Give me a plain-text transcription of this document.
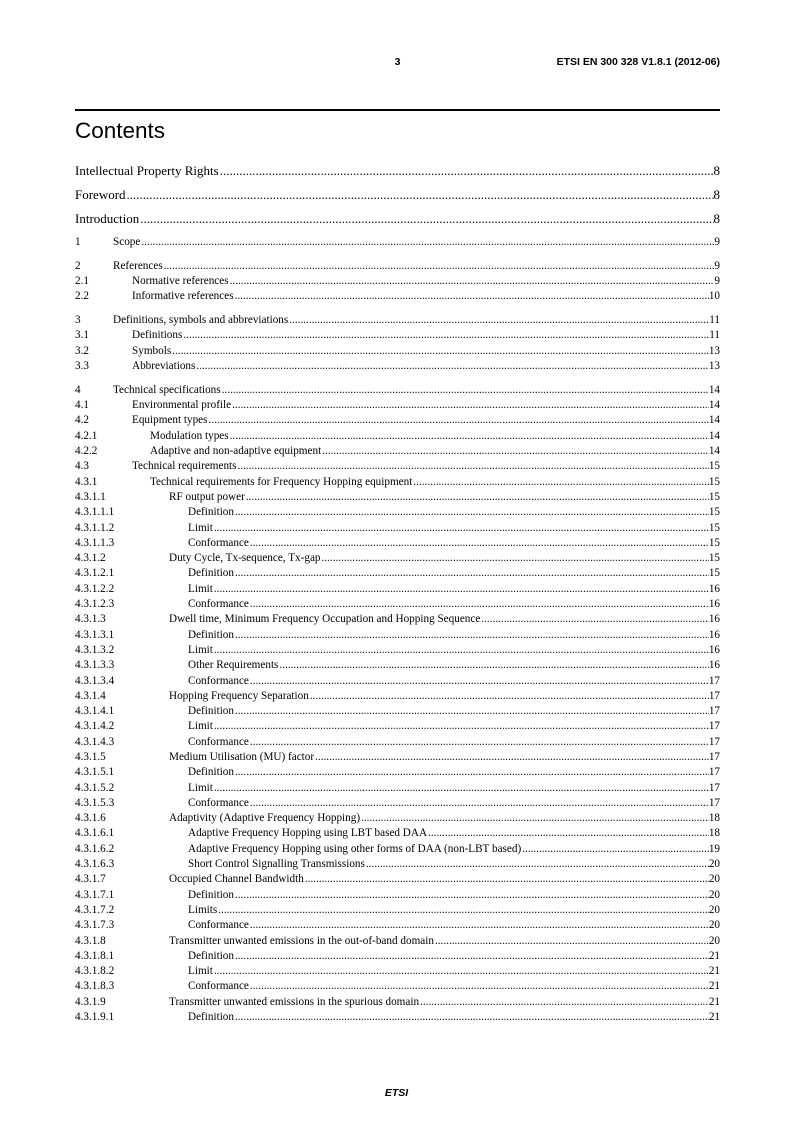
3	ETSI EN 300 328 V1.8.1 (2012-06)
Contents
Intellectual Property Rights .....	8
Foreword .....	8
Introduction .....	8
1	Scope .....	9
2	References .....	9
2.1	Normative references .....	9
2.2	Informative references .....	10
3	Definitions, symbols and abbreviations .....	11
3.1	Definitions .....	11
3.2	Symbols .....	13
3.3	Abbreviations .....	13
4	Technical specifications .....	14
4.1	Environmental profile .....	14
4.2	Equipment types .....	14
4.2.1	Modulation types .....	14
4.2.2	Adaptive and non-adaptive equipment .....	14
4.3	Technical requirements .....	15
4.3.1	Technical requirements for Frequency Hopping equipment .....	15
4.3.1.1	RF output power .....	15
4.3.1.1.1	Definition .....	15
4.3.1.1.2	Limit .....	15
4.3.1.1.3	Conformance .....	15
4.3.1.2	Duty Cycle, Tx-sequence, Tx-gap .....	15
4.3.1.2.1	Definition .....	15
4.3.1.2.2	Limit .....	16
4.3.1.2.3	Conformance .....	16
4.3.1.3	Dwell time, Minimum Frequency Occupation and Hopping Sequence .....	16
4.3.1.3.1	Definition .....	16
4.3.1.3.2	Limit .....	16
4.3.1.3.3	Other Requirements .....	16
4.3.1.3.4	Conformance .....	17
4.3.1.4	Hopping Frequency Separation .....	17
4.3.1.4.1	Definition .....	17
4.3.1.4.2	Limit .....	17
4.3.1.4.3	Conformance .....	17
4.3.1.5	Medium Utilisation (MU) factor .....	17
4.3.1.5.1	Definition .....	17
4.3.1.5.2	Limit .....	17
4.3.1.5.3	Conformance .....	17
4.3.1.6	Adaptivity (Adaptive Frequency Hopping) .....	18
4.3.1.6.1	Adaptive Frequency Hopping using LBT based DAA .....	18
4.3.1.6.2	Adaptive Frequency Hopping using other forms of DAA (non-LBT based) .....	19
4.3.1.6.3	Short Control Signalling Transmissions .....	20
4.3.1.7	Occupied Channel Bandwidth .....	20
4.3.1.7.1	Definition .....	20
4.3.1.7.2	Limits .....	20
4.3.1.7.3	Conformance .....	20
4.3.1.8	Transmitter unwanted emissions in the out-of-band domain .....	20
4.3.1.8.1	Definition .....	21
4.3.1.8.2	Limit .....	21
4.3.1.8.3	Conformance .....	21
4.3.1.9	Transmitter unwanted emissions in the spurious domain .....	21
4.3.1.9.1	Definition .....	21
ETSI
